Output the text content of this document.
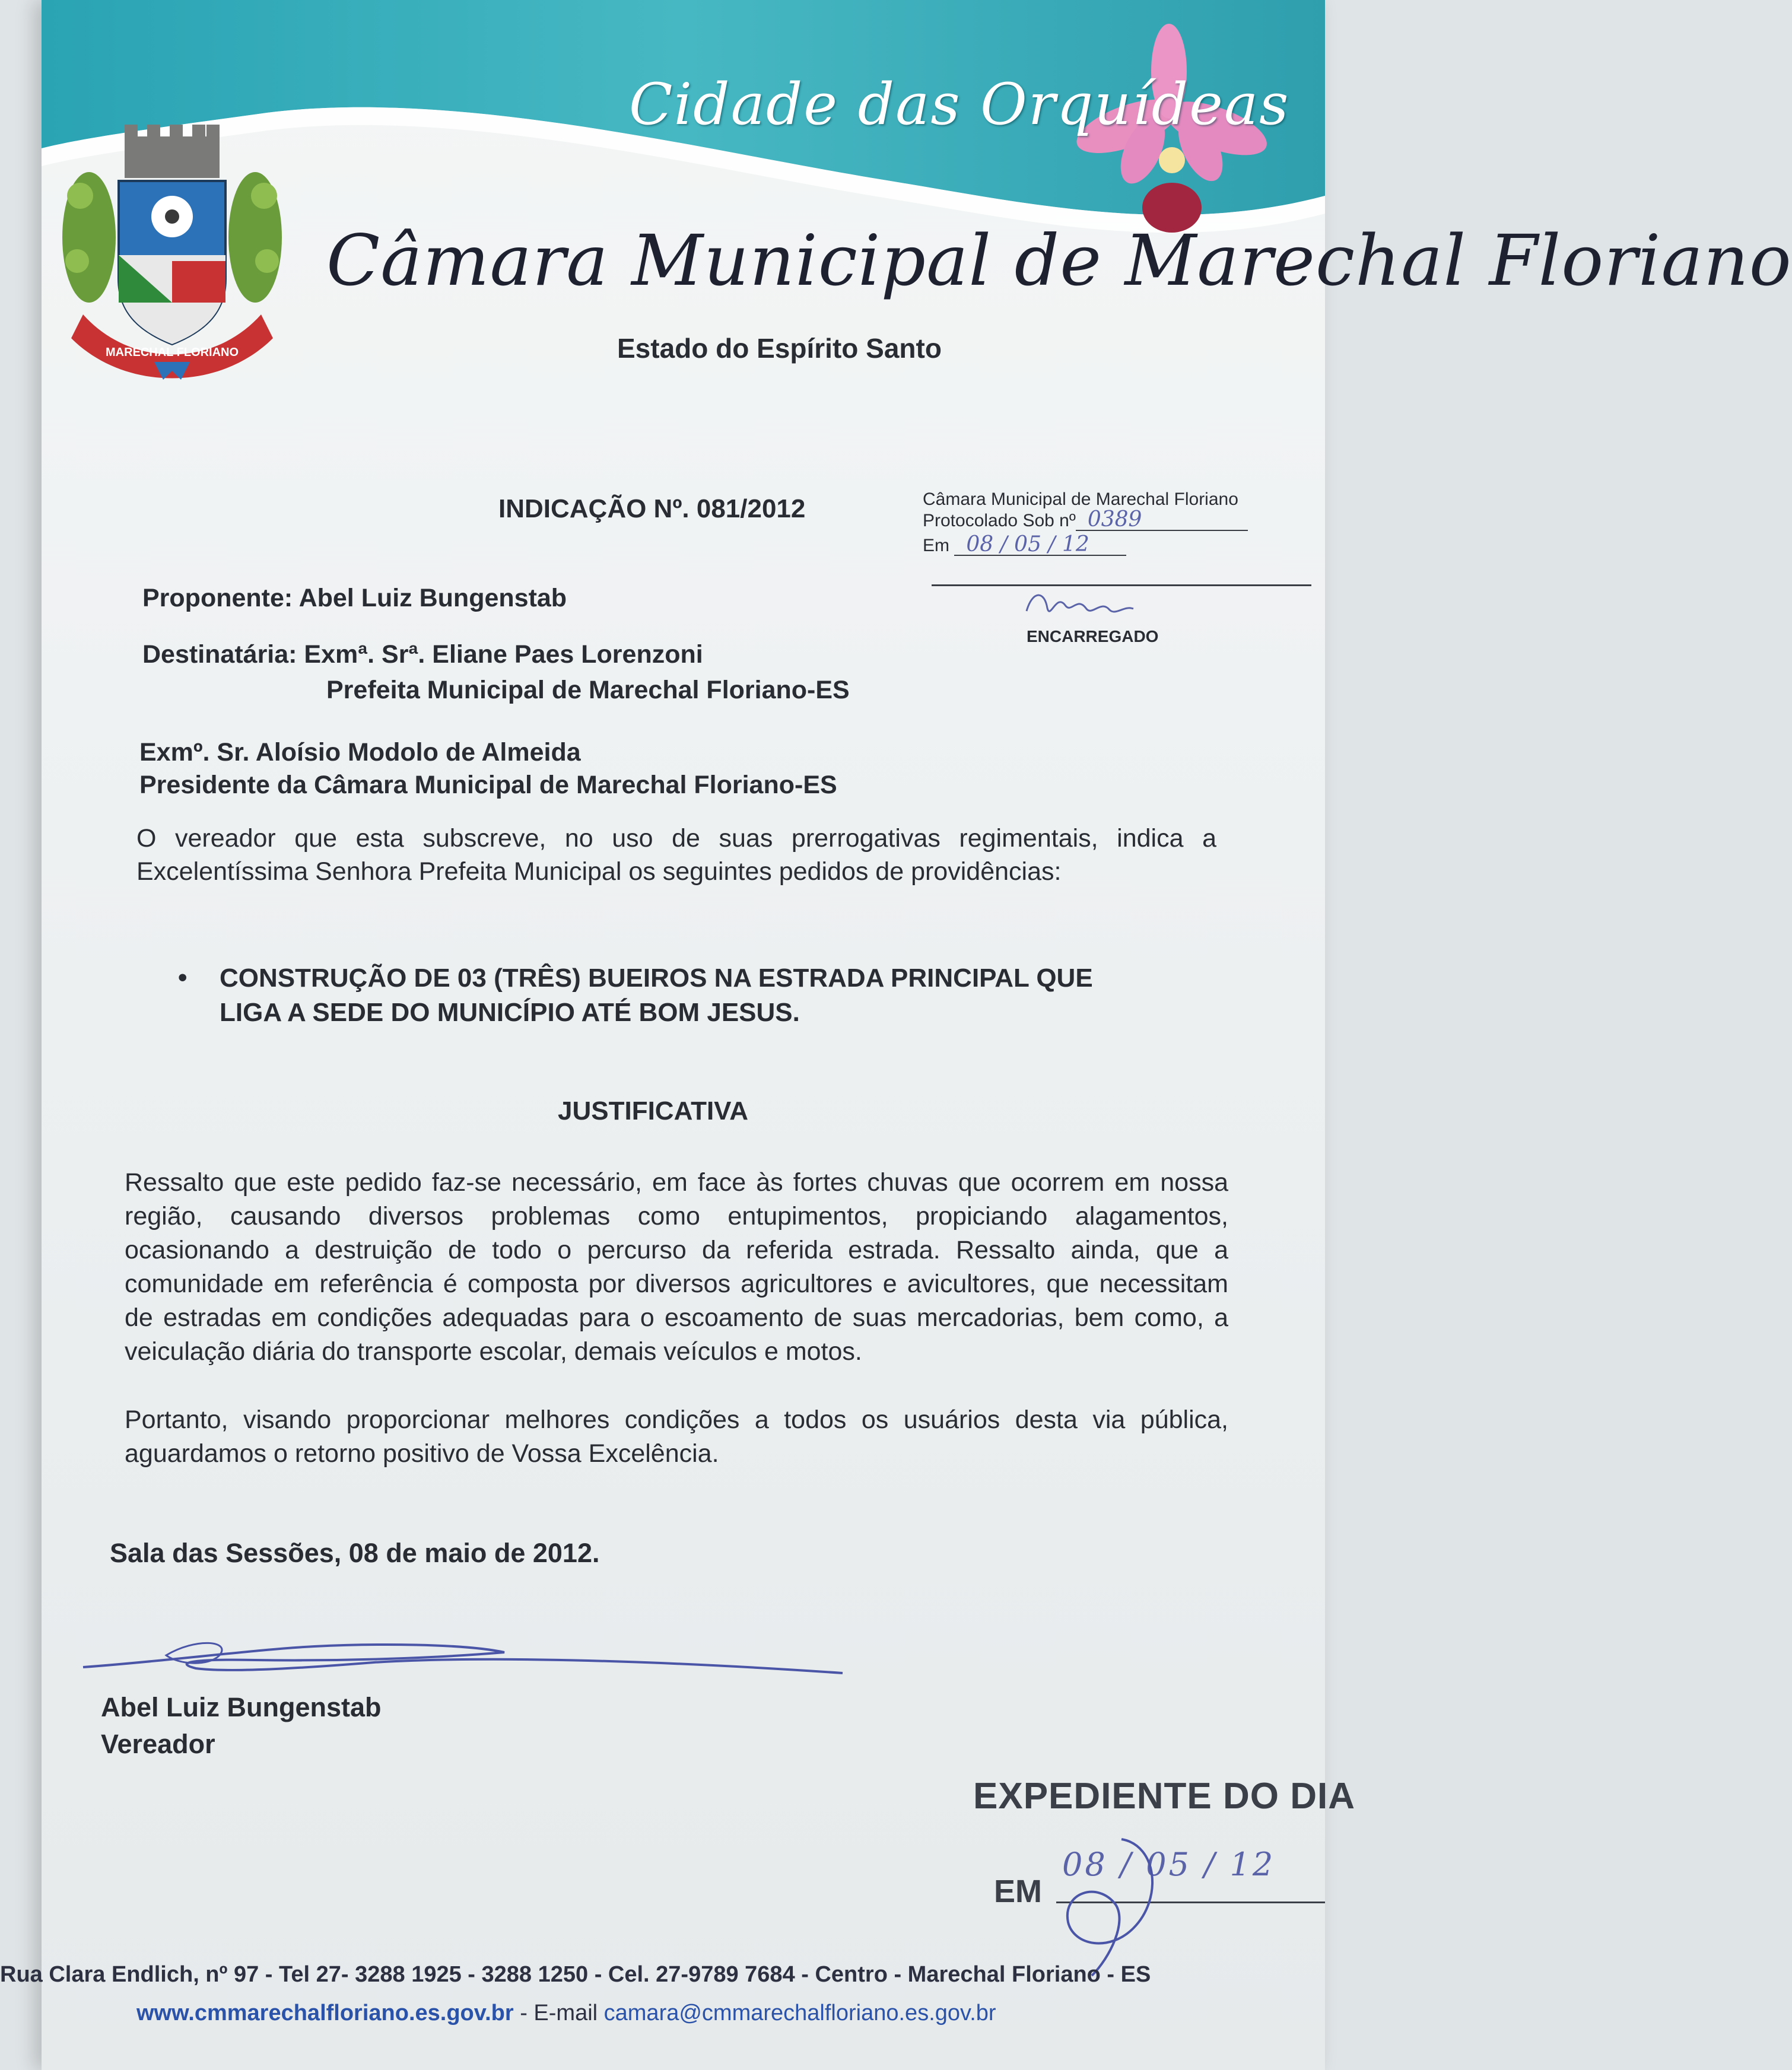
Cidade das Orquídeas
MARECHAL FLORIANO
Câmara Municipal de Marechal Floriano
Estado do Espírito Santo
INDICAÇÃO Nº. 081/2012	Câmara Municipal de Marechal Floriano
Protocolado Sob nº 0389
Em 08 / 05 / 12
ENCARREGADO
Proponente: Abel Luiz Bungenstab
Destinatária: Exmª. Srª. Eliane Paes Lorenzoni
Prefeita Municipal de Marechal Floriano-ES
Exmº. Sr. Aloísio Modolo de Almeida
Presidente da Câmara Municipal de Marechal Floriano-ES
O vereador que esta subscreve, no uso de suas prerrogativas regimentais, indica a Excelentíssima Senhora Prefeita Municipal os seguintes pedidos de providências:
• CONSTRUÇÃO DE 03 (TRÊS) BUEIROS NA ESTRADA PRINCIPAL QUE
LIGA A SEDE DO MUNICÍPIO ATÉ BOM JESUS.
JUSTIFICATIVA
Ressalto que este pedido faz-se necessário, em face às fortes chuvas que ocorrem em nossa região, causando diversos problemas como entupimentos, propiciando alagamentos, ocasionando a destruição de todo o percurso da referida estrada. Ressalto ainda, que a comunidade em referência é composta por diversos agricultores e avicultores, que necessitam de estradas em condições adequadas para o escoamento de suas mercadorias, bem como, a veiculação diária do transporte escolar, demais veículos e motos.
Portanto, visando proporcionar melhores condições a todos os usuários desta via pública, aguardamos o retorno positivo de Vossa Excelência.
Sala das Sessões, 08 de maio de 2012.
Abel Luiz Bungenstab
Vereador
EXPEDIENTE DO DIA
EM
08 / 05 / 12
Rua Clara Endlich, nº 97 - Tel 27- 3288 1925 - 3288 1250 - Cel. 27-9789 7684 - Centro - Marechal Floriano - ES
www.cmmarechalfloriano.es.gov.br - E-mail camara@cmmarechalfloriano.es.gov.br
